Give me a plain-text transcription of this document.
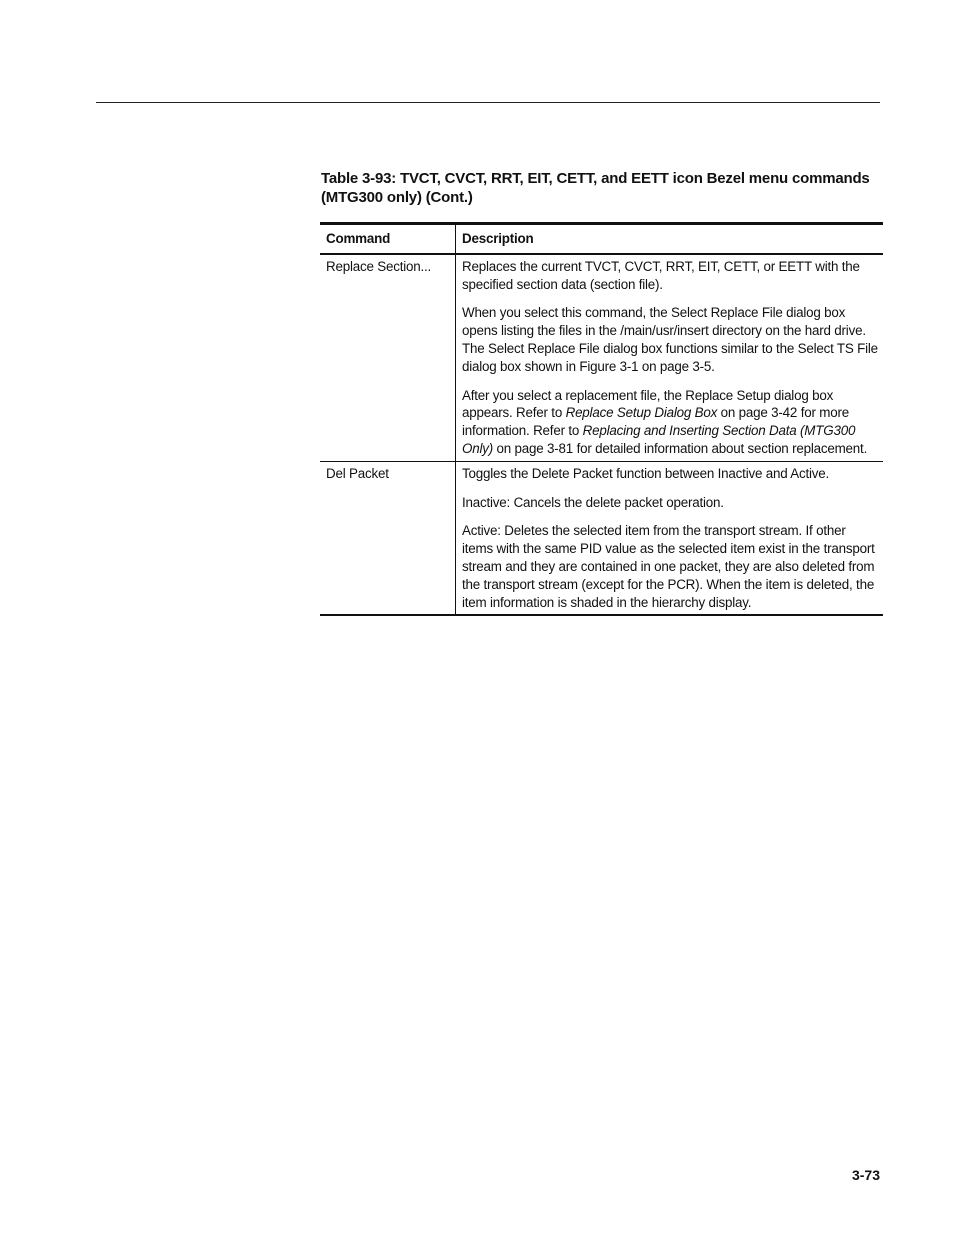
Table 3-93: TVCT, CVCT, RRT, EIT, CETT, and EETT icon Bezel menu commands
(MTG300 only) (Cont.)
Command	Description
Replace Section...	Replaces the current TVCT, CVCT, RRT, EIT, CETT, or EETT with the specified section data (section file).

When you select this command, the Select Replace File dialog box opens listing the files in the /main/usr/insert directory on the hard drive. The Select Replace File dialog box functions similar to the Select TS File dialog box shown in Figure 3-1 on page 3-5.

After you select a replacement file, the Replace Setup dialog box appears. Refer to Replace Setup Dialog Box on page 3-42 for more information. Refer to Replacing and Inserting Section Data (MTG300 Only) on page 3-81 for detailed information about section replacement.

Del Packet	Toggles the Delete Packet function between Inactive and Active.

Inactive: Cancels the delete packet operation.

Active: Deletes the selected item from the transport stream. If other items with the same PID value as the selected item exist in the transport stream and they are contained in one packet, they are also deleted from the transport stream (except for the PCR). When the item is deleted, the item information is shaded in the hierarchy display.

3-73
